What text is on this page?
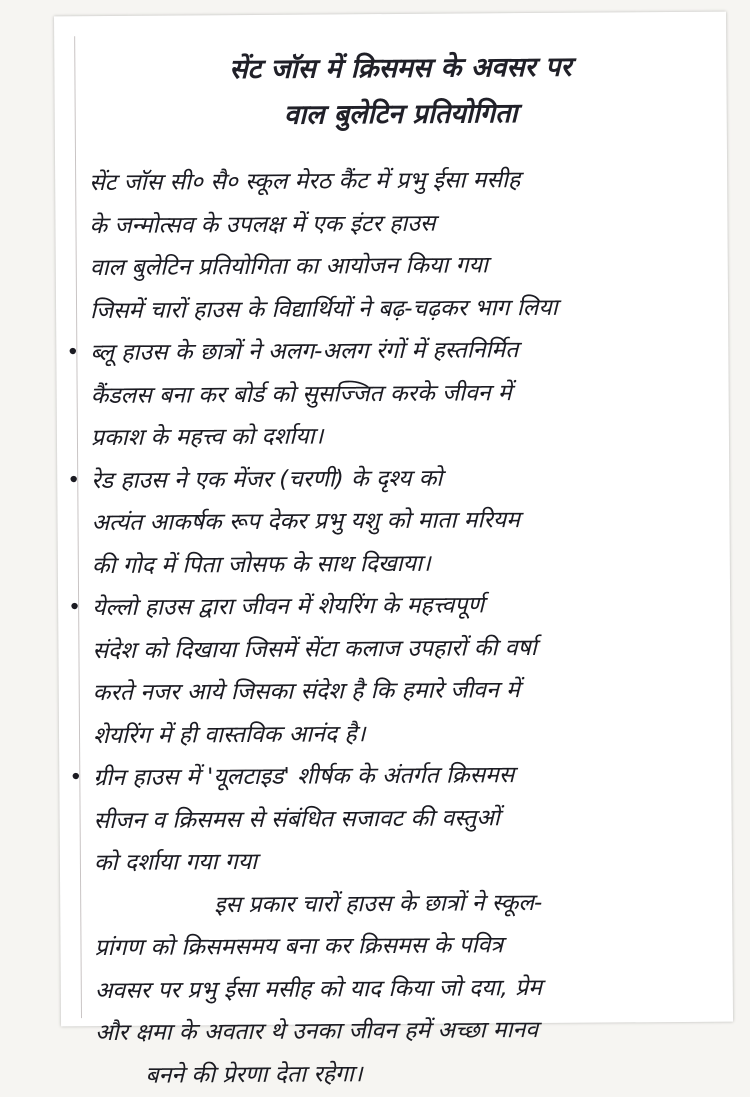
सेंट जॉस में क्रिसमस के अवसर पर
वाल बुलेटिन प्रतियोगिता
सेंट जॉस सी० सै० स्कूल मेरठ कैंट में प्रभु ईसा मसीह
के जन्मोत्सव के उपलक्ष में एक इंटर हाउस
वाल बुलेटिन प्रतियोगिता का आयोजन किया गया
जिसमें चारों हाउस के विद्यार्थियों ने बढ़-चढ़कर भाग लिया
• ब्लू हाउस के छात्रों ने अलग-अलग रंगों में हस्तनिर्मित
कैंडलस बना कर बोर्ड को सुसज्जित करके जीवन में
प्रकाश के महत्त्व को दर्शाया।
• रेड हाउस ने एक मेंजर (चरणी) के दृश्य को
अत्यंत आकर्षक रूप देकर प्रभु यशु को माता मरियम
की गोद में पिता जोसफ के साथ दिखाया।
• येल्लो हाउस द्वारा जीवन में शेयरिंग के महत्त्वपूर्ण
संदेश को दिखाया जिसमें सेंटा कलाज उपहारों की वर्षा
करते नजर आये जिसका संदेश है कि हमारे जीवन में
शेयरिंग में ही वास्तविक आनंद है।
• ग्रीन हाउस में 'यूलटाइड' शीर्षक के अंतर्गत क्रिसमस
सीजन व क्रिसमस से संबंधित सजावट की वस्तुओं
को दर्शाया गया गया
इस प्रकार चारों हाउस के छात्रों ने स्कूल-
प्रांगण को क्रिसमसमय बना कर क्रिसमस के पवित्र
अवसर पर प्रभु ईसा मसीह को याद किया जो दया, प्रेम
और क्षमा के अवतार थे उनका जीवन हमें अच्छा मानव
बनने की प्रेरणा देता रहेगा।
